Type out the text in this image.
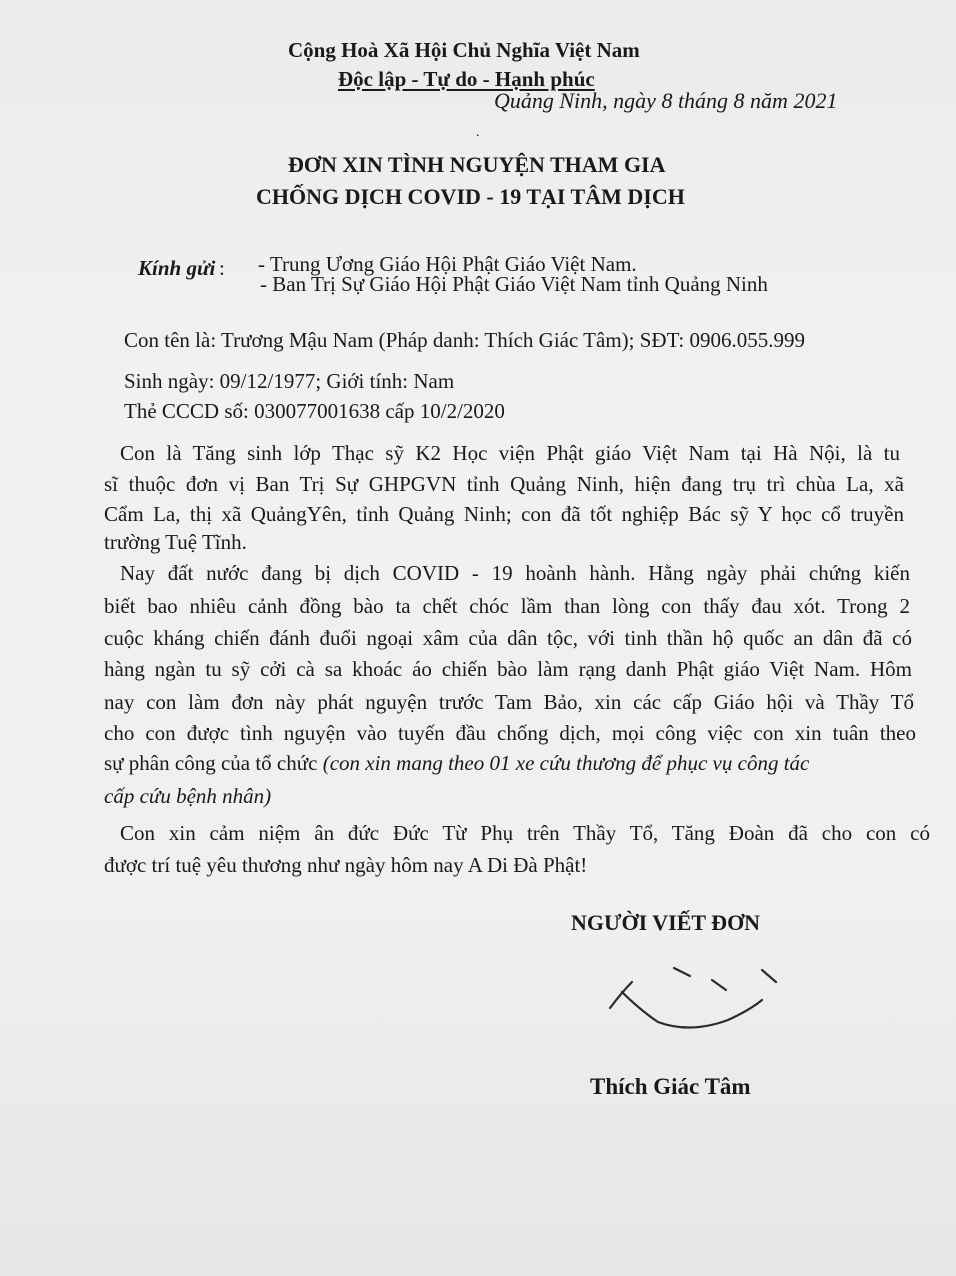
Cộng Hoà Xã Hội Chủ Nghĩa Việt Nam
Độc lập - Tự do - Hạnh phúc
Quảng Ninh, ngày 8 tháng 8 năm 2021
.
ĐƠN XIN TÌNH NGUYỆN THAM GIA
CHỐNG DỊCH COVID - 19 TẠI TÂM DỊCH
Kính gửi : - Trung Ương Giáo Hội Phật Giáo Việt Nam.
- Ban Trị Sự Giáo Hội Phật Giáo Việt Nam tỉnh Quảng Ninh
Con tên là: Trương Mậu Nam (Pháp danh: Thích Giác Tâm); SĐT: 0906.055.999
Sinh ngày: 09/12/1977; Giới tính: Nam
Thẻ CCCD số: 030077001638 cấp 10/2/2020
Con là Tăng sinh lớp Thạc sỹ K2 Học viện Phật giáo Việt Nam tại Hà Nội, là tu
sĩ thuộc đơn vị Ban Trị Sự GHPGVN tỉnh Quảng Ninh, hiện đang trụ trì chùa La, xã
Cẩm La, thị xã QuảngYên, tỉnh Quảng Ninh; con đã tốt nghiệp Bác sỹ Y học cổ truyền
trường Tuệ Tĩnh.
Nay đất nước đang bị dịch COVID - 19 hoành hành. Hằng ngày phải chứng kiến
biết bao nhiêu cảnh đồng bào ta chết chóc lầm than lòng con thấy đau xót. Trong 2
cuộc kháng chiến đánh đuổi ngoại xâm của dân tộc, với tinh thần hộ quốc an dân đã có
hàng ngàn tu sỹ cởi cà sa khoác áo chiến bào làm rạng danh Phật giáo Việt Nam. Hôm
nay con làm đơn này phát nguyện trước Tam Bảo, xin các cấp Giáo hội và Thầy Tổ
cho con được tình nguyện vào tuyến đầu chống dịch, mọi công việc con xin tuân theo
sự phân công của tổ chức (con xin mang theo 01 xe cứu thương để phục vụ công tác
cấp cứu bệnh nhân)
Con xin cảm niệm ân đức Đức Từ Phụ trên Thầy Tổ, Tăng Đoàn đã cho con có
được trí tuệ yêu thương như ngày hôm nay A Di Đà Phật!
NGƯỜI VIẾT ĐƠN
Thích Giác Tâm
